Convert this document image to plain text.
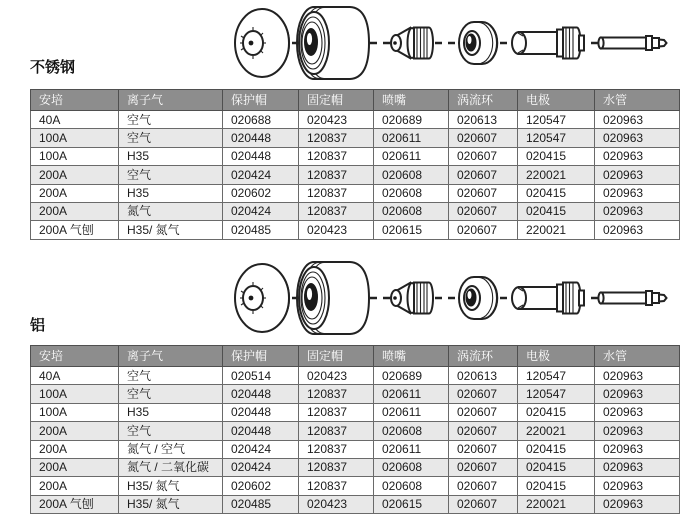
不锈钢
安培	离子气	保护帽	固定帽	喷嘴	涡流环	电极	水管
40A	空气	020688	020423	020689	020613	120547	020963
100A	空气	020448	120837	020611	020607	120547	020963
100A	H35	020448	120837	020611	020607	020415	020963
200A	空气	020424	120837	020608	020607	220021	020963
200A	H35	020602	120837	020608	020607	020415	020963
200A	氮气	020424	120837	020608	020607	020415	020963
200A 气刨	H35/ 氮气	020485	020423	020615	020607	220021	020963
铝
安培	离子气	保护帽	固定帽	喷嘴	涡流环	电极	水管
40A	空气	020514	020423	020689	020613	120547	020963
100A	空气	020448	120837	020611	020607	120547	020963
100A	H35	020448	120837	020611	020607	020415	020963
200A	空气	020448	120837	020608	020607	220021	020963
200A	氮气 / 空气	020424	120837	020611	020607	020415	020963
200A	氮气 / 二氧化碳	020424	120837	020608	020607	020415	020963
200A	H35/ 氮气	020602	120837	020608	020607	020415	020963
200A 气刨	H35/ 氮气	020485	020423	020615	020607	220021	020963
